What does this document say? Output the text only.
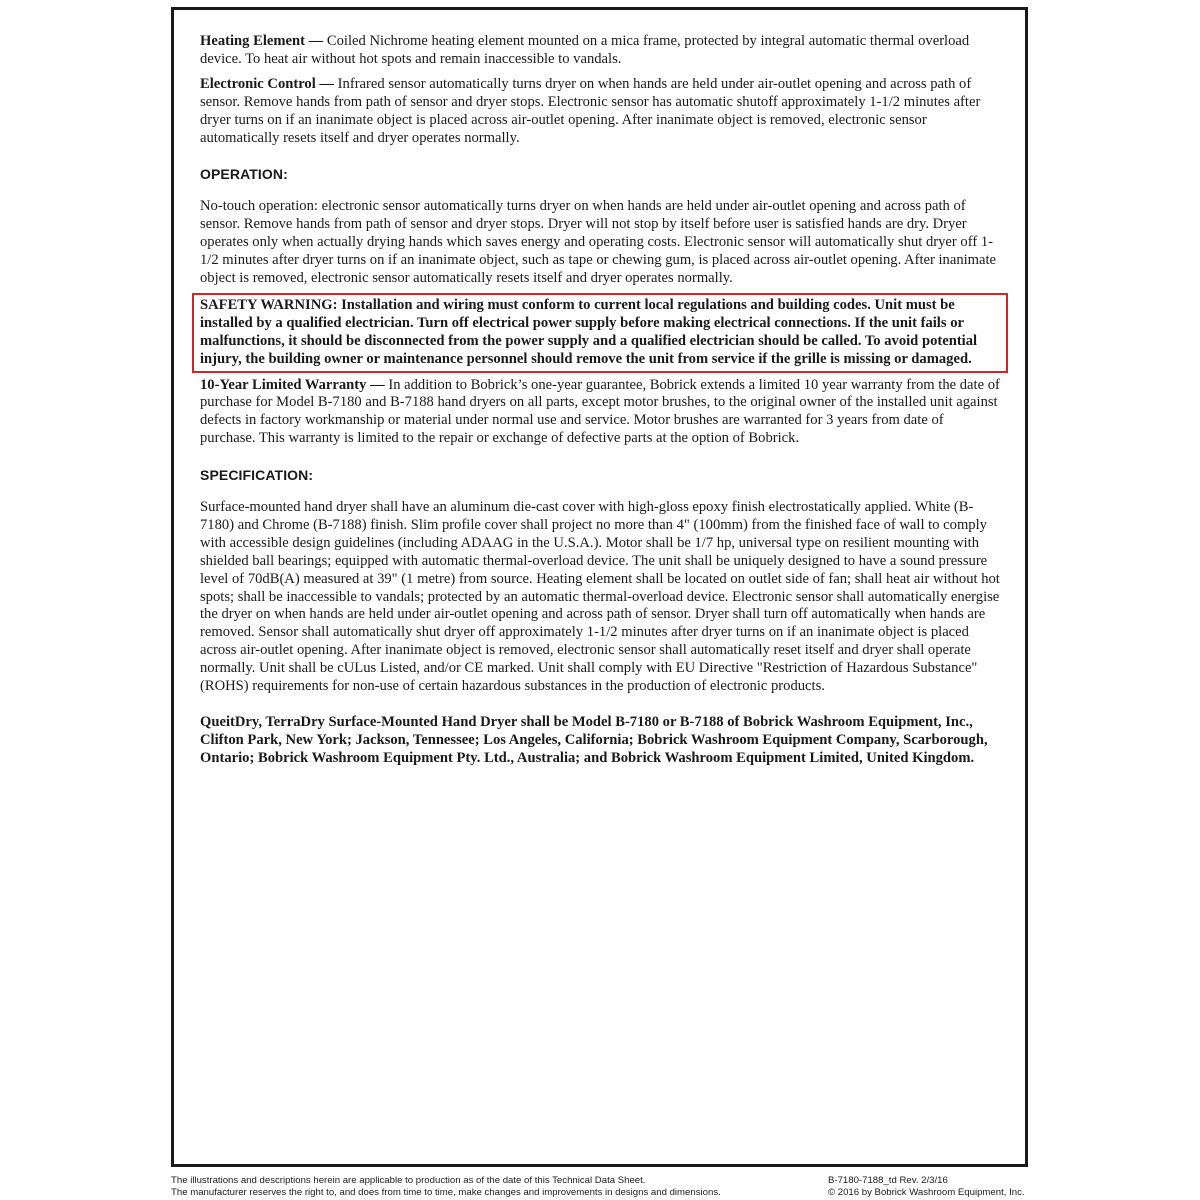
Heating Element — Coiled Nichrome heating element mounted on a mica frame, protected by integral automatic thermal overload device. To heat air without hot spots and remain inaccessible to vandals.

Electronic Control — Infrared sensor automatically turns dryer on when hands are held under air-outlet opening and across path of sensor. Remove hands from path of sensor and dryer stops. Electronic sensor has automatic shutoff approximately 1-1/2 minutes after dryer turns on if an inanimate object is placed across air-outlet opening. After inanimate object is removed, electronic sensor automatically resets itself and dryer operates normally.

OPERATION:

No-touch operation: electronic sensor automatically turns dryer on when hands are held under air-outlet opening and across path of sensor. Remove hands from path of sensor and dryer stops. Dryer will not stop by itself before user is satisfied hands are dry. Dryer operates only when actually drying hands which saves energy and operating costs. Electronic sensor will automatically shut dryer off 1-1/2 minutes after dryer turns on if an inanimate object, such as tape or chewing gum, is placed across air-outlet opening. After inanimate object is removed, electronic sensor automatically resets itself and dryer operates normally.

SAFETY WARNING: Installation and wiring must conform to current local regulations and building codes. Unit must be installed by a qualified electrician. Turn off electrical power supply before making electrical connections. If the unit fails or malfunctions, it should be disconnected from the power supply and a qualified electrician should be called. To avoid potential injury, the building owner or maintenance personnel should remove the unit from service if the grille is missing or damaged.

10-Year Limited Warranty — In addition to Bobrick’s one-year guarantee, Bobrick extends a limited 10 year warranty from the date of purchase for Model B-7180 and B-7188 hand dryers on all parts, except motor brushes, to the original owner of the installed unit against defects in factory workmanship or material under normal use and service. Motor brushes are warranted for 3 years from date of purchase. This warranty is limited to the repair or exchange of defective parts at the option of Bobrick.

SPECIFICATION:

Surface-mounted hand dryer shall have an aluminum die-cast cover with high-gloss epoxy finish electrostatically applied. White (B-7180) and Chrome (B-7188) finish. Slim profile cover shall project no more than 4" (100mm) from the finished face of wall to comply with accessible design guidelines (including ADAAG in the U.S.A.). Motor shall be 1/7 hp, universal type on resilient mounting with shielded ball bearings; equipped with automatic thermal-overload device. The unit shall be uniquely designed to have a sound pressure level of 70dB(A) measured at 39" (1 metre) from source. Heating element shall be located on outlet side of fan; shall heat air without hot spots; shall be inaccessible to vandals; protected by an automatic thermal-overload device. Electronic sensor shall automatically energise the dryer on when hands are held under air-outlet opening and across path of sensor. Dryer shall turn off automatically when hands are removed. Sensor shall automatically shut dryer off approximately 1-1/2 minutes after dryer turns on if an inanimate object is placed across air-outlet opening. After inanimate object is removed, electronic sensor shall automatically reset itself and dryer shall operate normally. Unit shall be cULus Listed, and/or CE marked. Unit shall comply with EU Directive "Restriction of Hazardous Substance" (ROHS) requirements for non-use of certain hazardous substances in the production of electronic products.

QueitDry, TerraDry Surface-Mounted Hand Dryer shall be Model B-7180 or B-7188 of Bobrick Washroom Equipment, Inc., Clifton Park, New York; Jackson, Tennessee; Los Angeles, California; Bobrick Washroom Equipment Company, Scarborough, Ontario; Bobrick Washroom Equipment Pty. Ltd., Australia; and Bobrick Washroom Equipment Limited, United Kingdom.

The illustrations and descriptions herein are applicable to production as of the date of this Technical Data Sheet.
The manufacturer reserves the right to, and does from time to time, make changes and improvements in designs and dimensions.
B-7180-7188_td Rev. 2/3/16
© 2016 by Bobrick Washroom Equipment, Inc.
